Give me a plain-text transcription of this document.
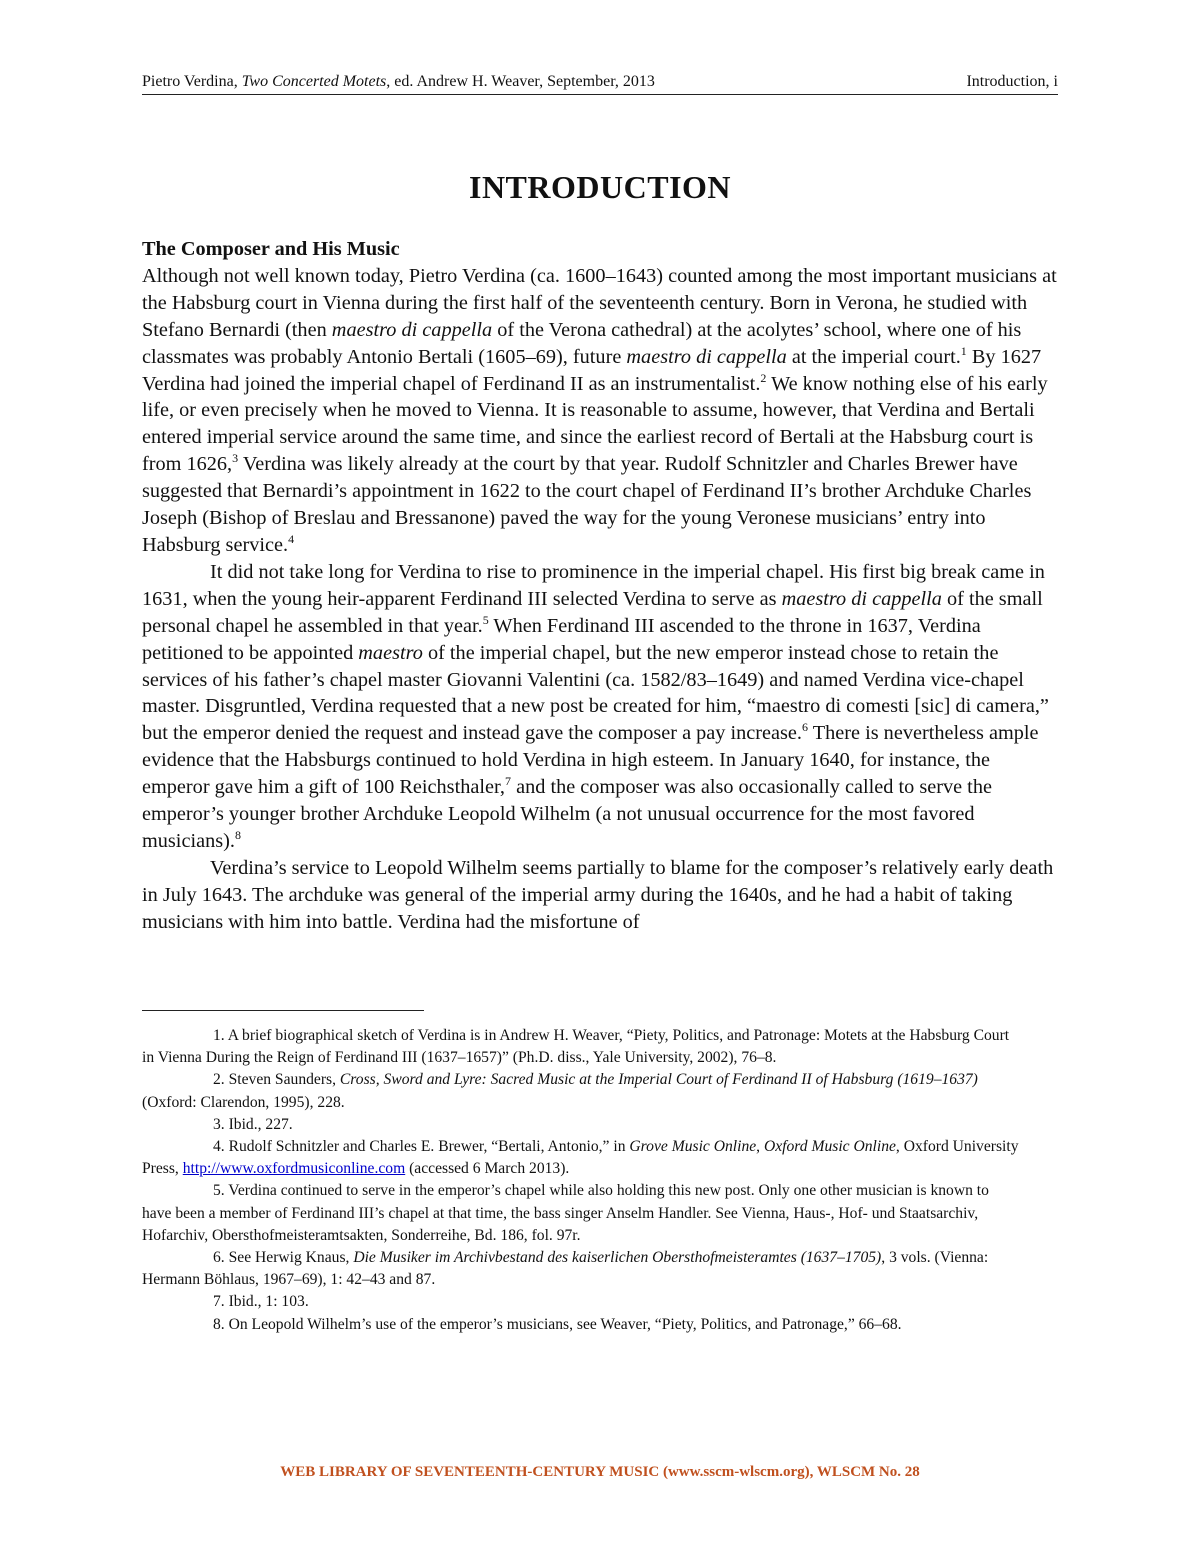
Pietro Verdina, Two Concerted Motets, ed. Andrew H. Weaver, September, 2013	Introduction, i
INTRODUCTION

The Composer and His Music

Although not well known today, Pietro Verdina (ca. 1600–1643) counted among the most important musicians at the Habsburg court in Vienna during the first half of the seventeenth century. Born in Verona, he studied with Stefano Bernardi (then maestro di cappella of the Verona cathedral) at the acolytes’ school, where one of his classmates was probably Antonio Bertali (1605–69), future maestro di cappella at the imperial court.$^1$ By 1627 Verdina had joined the imperial chapel of Ferdinand II as an instrumentalist.$^2$ We know nothing else of his early life, or even precisely when he moved to Vienna. It is reasonable to assume, however, that Verdina and Bertali entered imperial service around the same time, and since the earliest record of Bertali at the Habsburg court is from 1626,$^3$ Verdina was likely already at the court by that year. Rudolf Schnitzler and Charles Brewer have suggested that Bernardi’s appointment in 1622 to the court chapel of Ferdinand II’s brother Archduke Charles Joseph (Bishop of Breslau and Bressanone) paved the way for the young Veronese musicians’ entry into Habsburg service.$^4$

It did not take long for Verdina to rise to prominence in the imperial chapel. His first big break came in 1631, when the young heir-apparent Ferdinand III selected Verdina to serve as maestro di cappella of the small personal chapel he assembled in that year.$^5$ When Ferdinand III ascended to the throne in 1637, Verdina petitioned to be appointed maestro of the imperial chapel, but the new emperor instead chose to retain the services of his father’s chapel master Giovanni Valentini (ca. 1582/83–1649) and named Verdina vice-chapel master. Disgruntled, Verdina requested that a new post be created for him, “maestro di comesti [sic] di camera,” but the emperor denied the request and instead gave the composer a pay increase.$^6$ There is nevertheless ample evidence that the Habsburgs continued to hold Verdina in high esteem. In January 1640, for instance, the emperor gave him a gift of 100 Reichsthaler,$^7$ and the composer was also occasionally called to serve the emperor’s younger brother Archduke Leopold Wilhelm (a not unusual occurrence for the most favored musicians).$^8$

Verdina’s service to Leopold Wilhelm seems partially to blame for the composer’s relatively early death in July 1643. The archduke was general of the imperial army during the 1640s, and he had a habit of taking musicians with him into battle. Verdina had the misfortune of

1. A brief biographical sketch of Verdina is in Andrew H. Weaver, “Piety, Politics, and Patronage: Motets at the Habsburg Court in Vienna During the Reign of Ferdinand III (1637–1657)” (Ph.D. diss., Yale University, 2002), 76–8.

2. Steven Saunders, Cross, Sword and Lyre: Sacred Music at the Imperial Court of Ferdinand II of Habsburg (1619–1637) (Oxford: Clarendon, 1995), 228.

3. Ibid., 227.

4. Rudolf Schnitzler and Charles E. Brewer, “Bertali, Antonio,” in Grove Music Online, Oxford Music Online, Oxford University Press, http://www.oxfordmusiconline.com (accessed 6 March 2013).

5. Verdina continued to serve in the emperor’s chapel while also holding this new post. Only one other musician is known to have been a member of Ferdinand III’s chapel at that time, the bass singer Anselm Handler. See Vienna, Haus-, Hof- und Staatsarchiv, Hofarchiv, Obersthofmeisteramtsakten, Sonderreihe, Bd. 186, fol. 97r.

6. See Herwig Knaus, Die Musiker im Archivbestand des kaiserlichen Obersthofmeisteramtes (1637–1705), 3 vols. (Vienna: Hermann Böhlaus, 1967–69), 1: 42–43 and 87.

7. Ibid., 1: 103.

8. On Leopold Wilhelm’s use of the emperor’s musicians, see Weaver, “Piety, Politics, and Patronage,” 66–68.

WEB LIBRARY OF SEVENTEENTH-CENTURY MUSIC (www.sscm-wlscm.org), WLSCM No. 28
